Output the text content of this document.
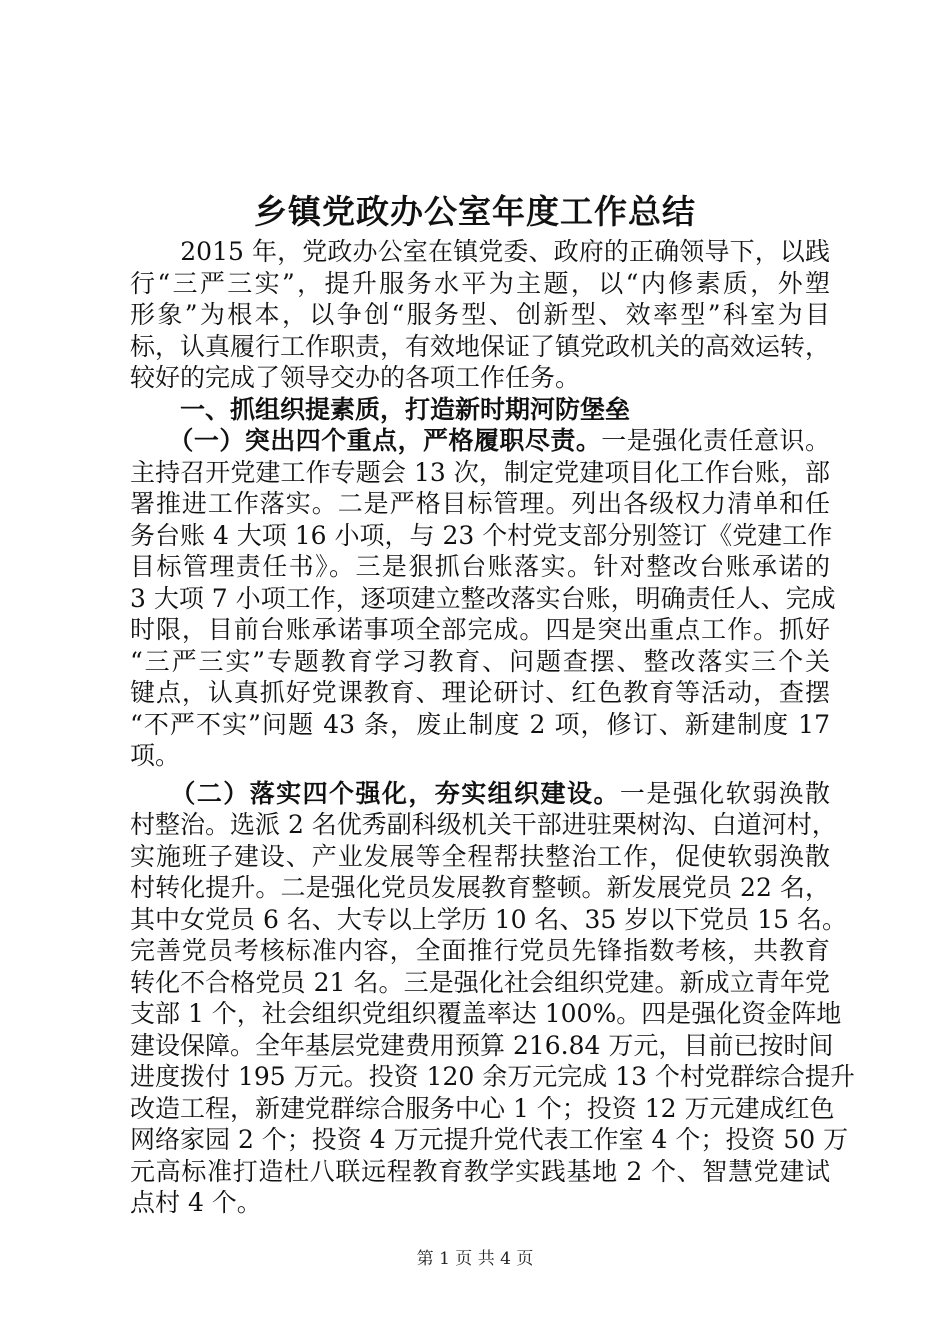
乡镇党政办公室年度工作总结
　　2015 年，党政办公室在镇党委、政府的正确领导下，以践
行“三严三实”，提升服务水平为主题，以“内修素质，外塑
形象”为根本，以争创“服务型、创新型、效率型”科室为目
标，认真履行工作职责，有效地保证了镇党政机关的高效运转，
较好的完成了领导交办的各项工作任务。
　　一、抓组织提素质，打造新时期河防堡垒
　　（一）突出四个重点，严格履职尽责。一是强化责任意识。
主持召开党建工作专题会 13 次，制定党建项目化工作台账，部
署推进工作落实。二是严格目标管理。列出各级权力清单和任
务台账 4 大项 16 小项，与 23 个村党支部分别签订《党建工作
目标管理责任书》。三是狠抓台账落实。针对整改台账承诺的
3 大项 7 小项工作，逐项建立整改落实台账，明确责任人、完成
时限，目前台账承诺事项全部完成。四是突出重点工作。抓好
“三严三实”专题教育学习教育、问题查摆、整改落实三个关
键点，认真抓好党课教育、理论研讨、红色教育等活动，查摆
“不严不实”问题 43 条，废止制度 2 项，修订、新建制度 17
项。
　　（二）落实四个强化，夯实组织建设。一是强化软弱涣散
村整治。选派 2 名优秀副科级机关干部进驻栗树沟、白道河村，
实施班子建设、产业发展等全程帮扶整治工作，促使软弱涣散
村转化提升。二是强化党员发展教育整顿。新发展党员 22 名，
其中女党员 6 名、大专以上学历 10 名、35 岁以下党员 15 名。
完善党员考核标准内容，全面推行党员先锋指数考核，共教育
转化不合格党员 21 名。三是强化社会组织党建。新成立青年党
支部 1 个，社会组织党组织覆盖率达 100%。四是强化资金阵地
建设保障。全年基层党建费用预算 216.84 万元，目前已按时间
进度拨付 195 万元。投资 120 余万元完成 13 个村党群综合提升
改造工程，新建党群综合服务中心 1 个；投资 12 万元建成红色
网络家园 2 个；投资 4 万元提升党代表工作室 4 个；投资 50 万
元高标准打造杜八联远程教育教学实践基地 2 个、智慧党建试
点村 4 个。
第 1 页 共 4 页
